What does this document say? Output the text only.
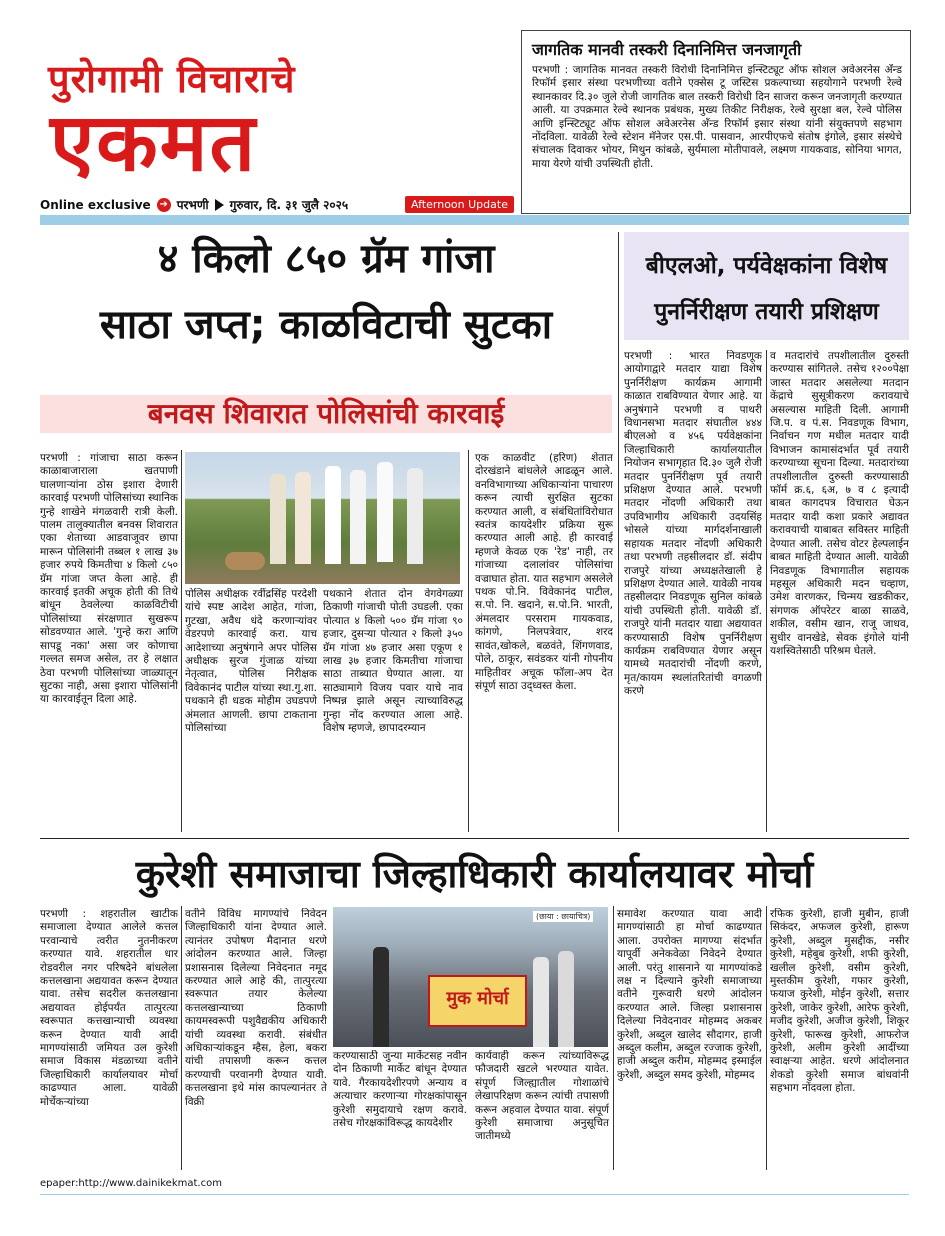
पुरोगामी विचाराचे
एकमत
Online exclusive ➔ परभणी गुरुवार, दि. ३१ जुलै २०२५	Afternoon Update
जागतिक मानवी तस्करी दिनानिमित्त जनजागृती
परभणी : जागतिक मानवत तस्करी विरोधी दिनानिमित्त इन्स्टिट्यूट ऑफ सोशल अवेअरनेस अँन्ड रिफॉर्म इसार संस्था परभणीच्या वतीने एक्सेस टू जस्टिस प्रकल्पाच्या सहयोगाने परभणी रेल्वे स्थानकावर दि.३० जुले रोजी जागतिक बाल तस्करी विरोधी दिन साजरा करून जनजागृती करण्यात आली. या उपक्रमात रेल्वे स्थानक प्रबंधक, मुख्य तिकीट निरीक्षक, रेल्वे सुरक्षा बल, रेल्वे पोलिस आणि इन्स्टिट्यूट ऑफ सोशल अवेअरनेस अँन्ड रिफॉर्म इसार संस्था यांनी संयुक्तपणे सहभाग नोंदविला. यावेळी रेल्वे स्टेशन मॅनेजर एस.पी. पासवान, आरपीएफचे संतोष इंगोले, इसार संस्थेचे संचालक दिवाकर भोयर, मिथुन कांबळे, सुर्यमाला मोतीपावले, लक्ष्मण गायकवाड, सोनिया भागत, माया येरणे यांची उपस्थिती होती.
४ किलो ८५० ग्रॅम गांजा
साठा जप्त; काळविटाची सुटका
बनवस शिवारात पोलिसांची कारवाई
परभणी : गांजाचा साठा करून काळाबाजाराला खतपाणी घालणाऱ्यांना ठोस इशारा देणारी कारवाई परभणी पोलिसांच्या स्थानिक गुन्हे शाखेने मंगळवारी रात्री केली. पालम तालुक्यातील बनवस शिवारात एका शेताच्या आडवाजूवर छापा मारून पोलिसांनी तब्बल १ लाख ३७ हजार रुपये किमतीचा ४ किलो ८५० ग्रॅम गांजा जप्त केला आहे. ही कारवाई इतकी अचूक होती की तिथे बांधून ठेवलेल्या काळविटीची पोलिसांच्या संरक्षणात सुखरूप सोडवण्यात आले. 'गुन्हे करा आणि सापडू नका' असा जर कोणाचा गल्लत समज असेल, तर हे लक्षात ठेवा परभणी पोलिसांच्या जाळ्यातून सुटका नाही, असा इशारा पोलिसांनी या कारवाईतून दिला आहे.
पोलिस अधीक्षक रवींद्रसिंह परदेशी यांचे स्पष्ट आदेश आहेत, गांजा, गुटखा, अवैध धंदे करणाऱ्यांवर वेडरपणे कारवाई करा. याच आदेशाच्या अनुषंगाने अपर पोलिस अधीक्षक सुरज गुंजाळ यांच्या नेतृत्वात, पोलिस निरीक्षक विवेकानंद पाटील यांच्या स्था.गु.शा. पथकाने ही धडक मोहीम उघडपणे अंमलात आणली. छापा टाकताना पोलिसांच्या
पथकाने शेतात दोन वेगवेगळ्या ठिकाणी गांजाची पोती उघडली. एका पोत्यात ४ किलो ५०० ग्रॅम गांजा ९० हजार, दुसऱ्या पोत्यात २ किलो ३५० ग्रॅम गांजा ४७ हजार असा एकूण १ लाख ३७ हजार किमतीचा गांजाचा साठा ताब्यात घेण्यात आला. या साठ्यामागे विजय पवार याचे नाव निष्पन्न झाले असून त्याच्याविरुद्ध गुन्हा नोंद करण्यात आला आहे. विशेष म्हणजे, छापादरम्यान
एक काळवीट (हरिण) शेतात दोरखंडाने बांधलेले आढळून आले. वनविभागाच्या अधिकाऱ्यांना पाचारण करून त्याची सुरक्षित सुटका करण्यात आली, व संबंधितांविरोधात स्वतंत्र कायदेशीर प्रक्रिया सुरू करण्यात आली आहे. ही कारवाई म्हणजे केवळ एक 'रेड' नाही, तर गांजाच्या दलालांवर पोलिसांचा वज्राघात होता. यात सहभाग असलेले पथक पो.नि. विवेकानंद पाटील, स.पो. नि. खदाने, स.पो.नि. भारती, अंमलदार परसराम गायकवाड, कांगणे, निलपत्रेवार, शरद सावंत,खोकले, बळवंते, शिंगणवाड, पोले, ठाकूर, सवंडकर यांनी गोपनीय माहितीवर अचूक फॉला-अप देत संपूर्ण साठा उद्ध्वस्त केला.
बीएलओ, पर्यवेक्षकांना विशेष
पुनर्निरीक्षण तयारी प्रशिक्षण
परभणी : भारत निवडणूक आयोगाद्वारे मतदार याद्या विशेष पुनर्निरीक्षण कार्यक्रम आगामी काळात राबविण्यात येणार आहे. या अनुषंगाने परभणी व पाथरी विधानसभा मतदार संघातील ४४४ बीएलओ व ४५६ पर्यवेक्षकांना जिल्हाधिकारी कार्यालयातील नियोजन सभागृहात दि.३० जुलै रोजी मतदार पुनर्निरीक्षण पूर्व तयारी प्रशिक्षण देण्यात आले. परभणी मतदार नोंदणी अधिकारी तथा उपविभागीय अधिकारी उदयसिंह भोसले यांच्या मार्गदर्शनाखाली सहायक मतदार नोंदणी अधिकारी तथा परभणी तहसीलदार डॉ. संदीप राजपुरे यांच्या अध्यक्षतेखाली हे प्रशिक्षण देण्यात आले. यावेळी नायब तहसीलदार निवडणूक सुनिल कांबळे यांची उपस्थिती होती. यावेळी डॉ. राजपुरे यांनी मतदार याद्या अद्ययावत करण्यासाठी विशेष पुनर्निरीक्षण कार्यक्रम राबविण्यात येणार असून यामध्ये मतदारांची नोंदणी करणे, मृत/कायम स्थलांतरितांची वगळणी करणे
व मतदारांचे तपशीलातील दुरुस्ती करण्यास सांगितले. तसेच १२००पेक्षा जास्त मतदार असलेल्या मतदान केंद्राचे सुसूत्रीकरण करावयाचे असल्यास माहिती दिली. आगामी जि.प. व पं.स. निवडणूक विभाग, निर्वाचन गण मधील मतदार यादी विभाजन कामासंदर्भात पूर्व तयारी करण्याच्या सूचना दिल्या. मतदारांच्या तपशीलातील दुरुस्ती करण्यासाठी फॉर्म क्र.६, ६अ, ७ व ८ इत्यादी बाबत कागदपत्र विचारात घेऊन मतदार यादी कशा प्रकारे अद्यावत करावयाची याबाबत सविस्तर माहिती देण्यात आली. तसेच वोटर हेल्पलाईन बाबत माहिती देण्यात आली. यावेळी निवडणूक विभागातील सहायक महसूल अधिकारी मदन चव्हाण, उमेश वारणकर, चिन्मय खडकीकर, संगणक ऑपरेटर बाळा साळवे, शकील, वसीम खान, राजू जाधव, सुधीर वानखेडे, सेवक इंगोले यांनी यशस्वितेसाठी परिश्रम घेतले.
कुरेशी समाजाचा जिल्हाधिकारी कार्यालयावर मोर्चा
परभणी : शहरातील खाटीक समाजाला देण्यात आलेले कत्तल परवान्याचे त्वरीत नुतनीकरण करण्यात यावे. शहरातील धार रोडवरील नगर परिषदेने बांधलेला कत्तलखाना अद्ययावत करून देण्यात यावा. तसेच सदरील कत्तलखाना अद्ययावत होईपर्यंत तात्पुरत्या स्वरूपात कत्तखान्याची व्यवस्था करून देण्यात यावी आदी मागण्यांसाठी जमियत उल कुरेशी समाज विकास मंडळाच्या वतीने जिल्हाधिकारी कार्यालयावर मोर्चा काढण्यात आला. यावेळी मोर्चेकऱ्यांच्या
वतीने विविध मागण्यांचे निवेदन जिल्हाधिकारी यांना देण्यात आले. त्यानंतर उपोषण मैदानात धरणे आंदोलन करण्यात आले. जिल्हा प्रशासनास दिलेल्या निवेदनात नमूद करण्यात आले आहे की, तात्पुरत्या स्वरूपात तयार केलेल्या कत्तलखान्याच्या ठिकाणी कायमस्वरूपी पशुवैद्यकीय अधिकारी यांची व्यवस्था करावी. संबंधीत अधिकाऱ्यांकडून म्हैस, हेला, बकरा यांची तपासणी करून कत्तल करण्याची परवानगी देण्यात यावी. कत्तलखाना इथे मांस कापल्यानंतर ते विक्री
मुक मोर्चा
(छाया : छायाचित्र)
करण्यासाठी जुन्या मार्केटसह नवीन दोन ठिकाणी मार्केट बांधून देण्यात यावे. गैरकायदेशीरपणे अन्याय व अत्याचार करणाऱ्या गोरक्षकांपासून कुरेशी समुदायाचे रक्षण करावे. तसेच गोरक्षकांविरूद्ध कायदेशीर
कार्यवाही करून त्यांच्याविरूद्ध फौजदारी खटले भरण्यात यावेत. संपूर्ण जिल्ह्यातील गोशाळांचे लेखापरिक्षण करून त्यांची तपासणी करून अहवाल देण्यात यावा. संपूर्ण कुरेशी समाजाचा अनुसूचित जातीमध्ये
समावेश करण्यात यावा आदी मागण्यांसाठी हा मोर्चा काढण्यात आला. उपरोक्त मागण्या संदर्भात यापूर्वी अनेकवेळा निवेदने देण्यात आली. परंतु शासनाने या मागण्यांकडे लक्ष न दिल्याने कुरेशी समाजाच्या वतीने गुरूवारी धरणे आंदोलन करण्यात आले. जिल्हा प्रशासनास दिलेल्या निवेदनावर मोहम्मद अकबर कुरेशी, अब्दुल खालेद सौदागर, हाजी अब्दुल कलीम, अब्दुल रज्जाक कुरेशी, हाजी अब्दुल करीम, मोहम्मद इस्माईल कुरेशी, अब्दुल समद कुरेशी, मोहम्मद
रफिक कुरेशी, हाजी मुबीन, हाजी सिकंदर, अफजल कुरेशी, हारूण कुरेशी, अब्दुल मुसद्दीक, नसीर कुरेशी, महेबुब कुरेशी, शफी कुरेशी, खलील कुरेशी, वसीम कुरेशी, मुस्तकीम कुरेशी, गफार कुरेशी, फयाज कुरेशी, मोईन कुरेशी, सत्तार कुरेशी, जाकेर कुरेशी, आरेफ कुरेशी, मजीद कुरेशी, अजीज कुरेशी, शिकूर कुरेशी, फारूख कुरेशी, आफरोज कुरेशी, अलीम कुरेशी आदींच्या स्वाक्षऱ्या आहेत. धरणे आंदोलनात शेकडो कुरेशी समाज बांधवांनी सहभाग नोंदवला होता.
epaper:http://www.dainikekmat.com
